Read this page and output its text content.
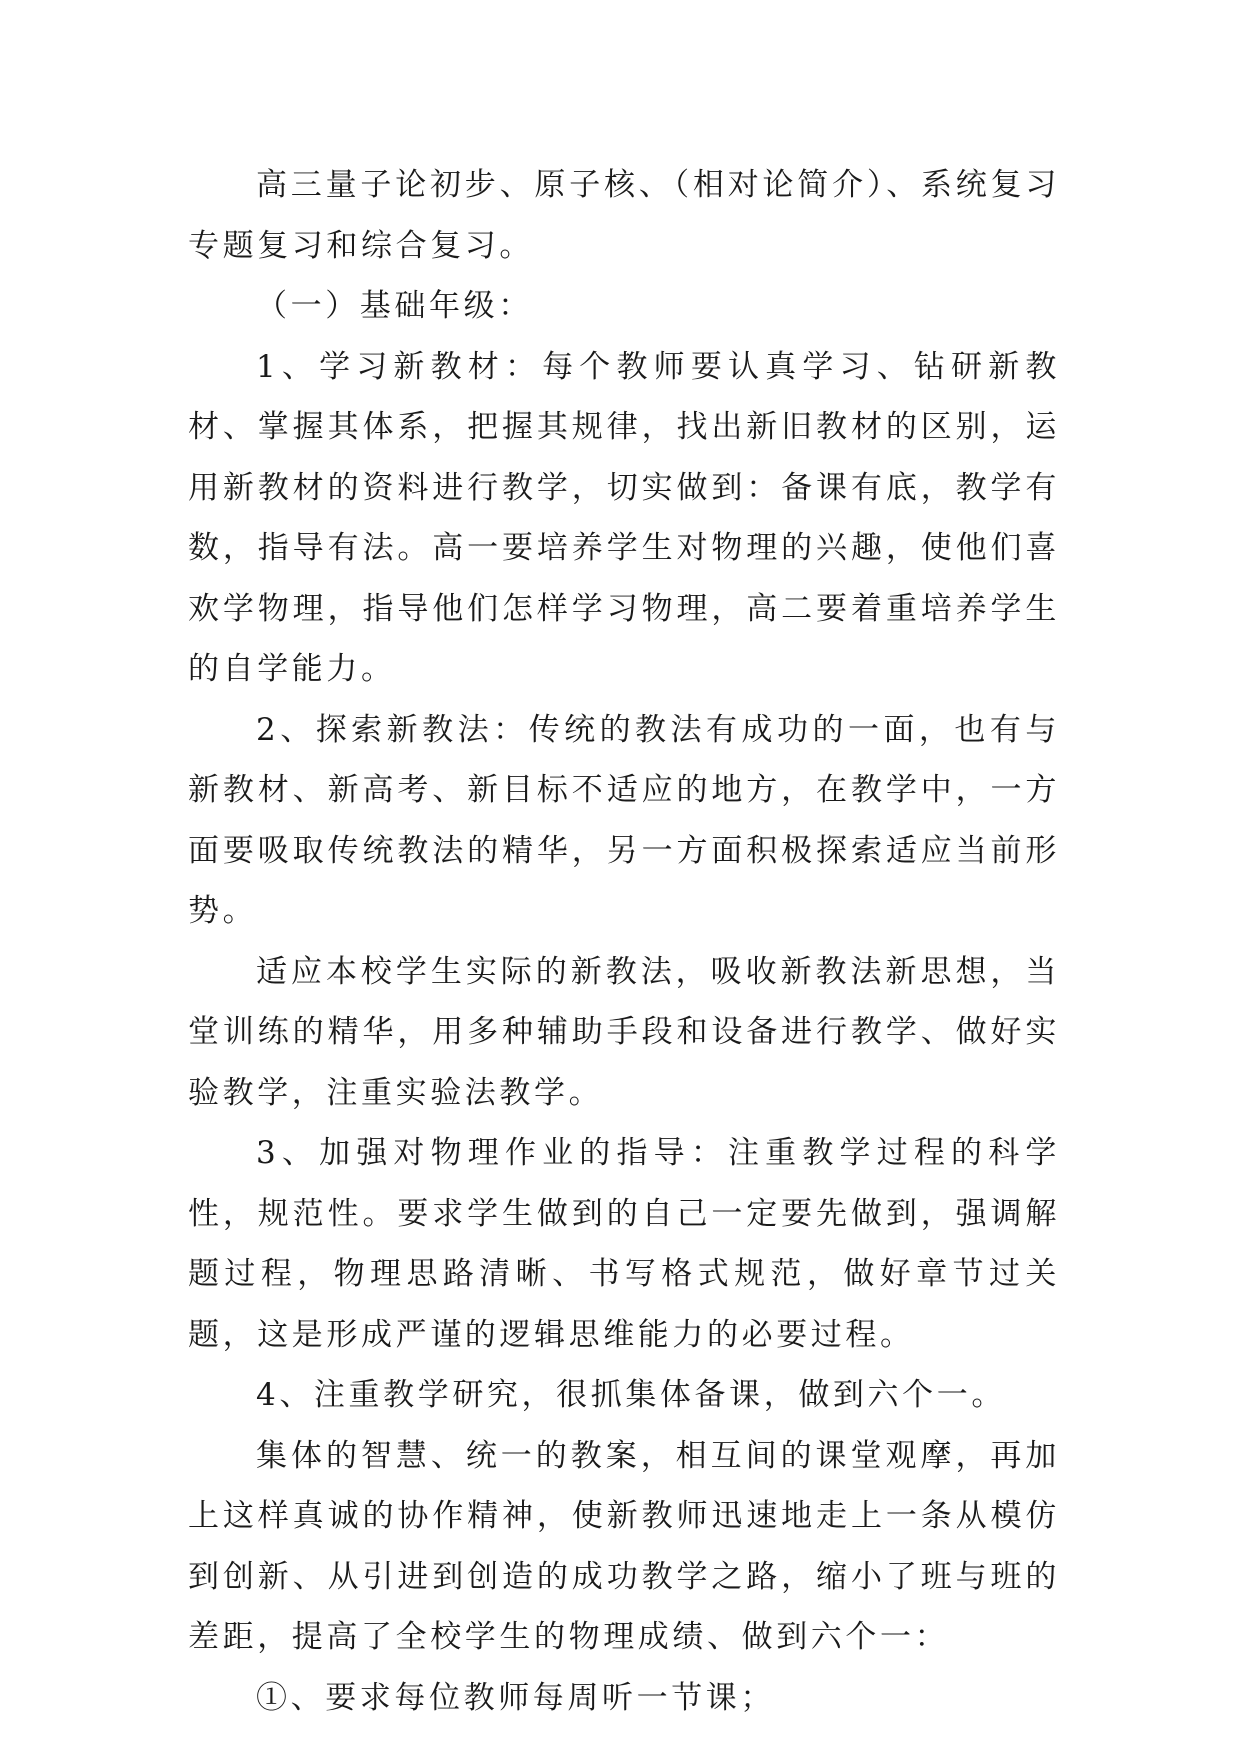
高三量子论初步、原子核、（相对论简介）、系统复习专题复习和综合复习。

（一）基础年级：

1、学习新教材：每个教师要认真学习、钻研新教材、掌握其体系，把握其规律，找出新旧教材的区别，运用新教材的资料进行教学，切实做到：备课有底，教学有数，指导有法。高一要培养学生对物理的兴趣，使他们喜欢学物理，指导他们怎样学习物理，高二要着重培养学生的自学能力。

2、探索新教法：传统的教法有成功的一面，也有与新教材、新高考、新目标不适应的地方，在教学中，一方面要吸取传统教法的精华，另一方面积极探索适应当前形势。

适应本校学生实际的新教法，吸收新教法新思想，当堂训练的精华，用多种辅助手段和设备进行教学、做好实验教学，注重实验法教学。

3、加强对物理作业的指导：注重教学过程的科学性，规范性。要求学生做到的自己一定要先做到，强调解题过程，物理思路清晰、书写格式规范，做好章节过关题，这是形成严谨的逻辑思维能力的必要过程。

4、注重教学研究，很抓集体备课，做到六个一。

集体的智慧、统一的教案，相互间的课堂观摩，再加上这样真诚的协作精神，使新教师迅速地走上一条从模仿到创新、从引进到创造的成功教学之路，缩小了班与班的差距，提高了全校学生的物理成绩、做到六个一：

①、要求每位教师每周听一节课；
